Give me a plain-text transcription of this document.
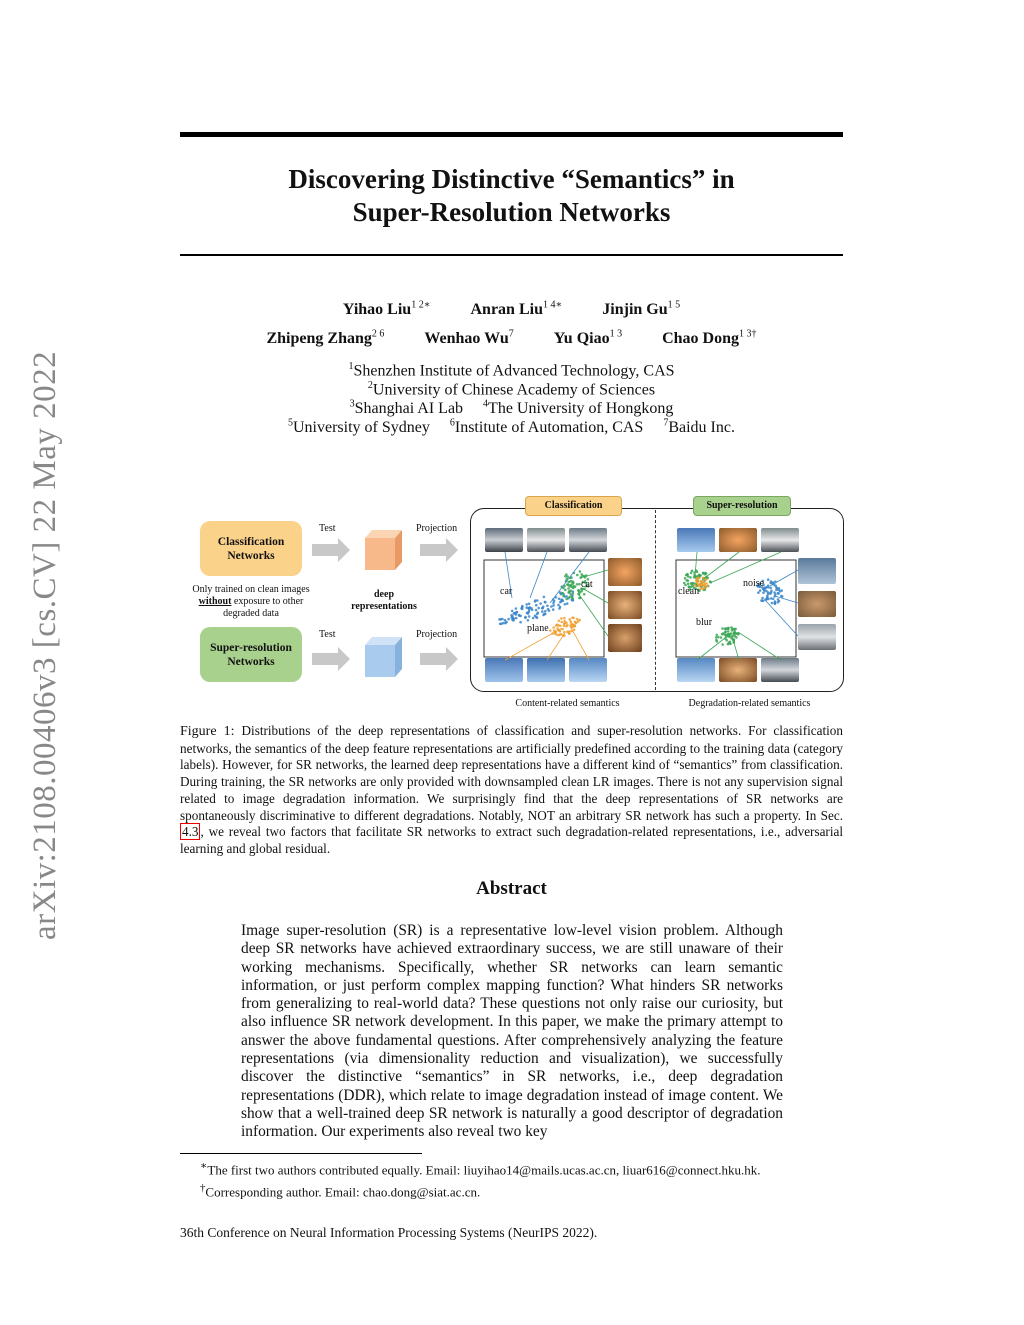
arXiv:2108.00406v3 [cs.CV] 22 May 2022
Discovering Distinctive “Semantics” in
Super-Resolution Networks
Yihao Liu$^{1 2∗}$	Anran Liu$^{1 4∗}$	Jinjin $Gu^{1 5}$
Zhipeng Zhang$^{2 6}$	Wenhao Wu$^7$	Yu Qiao$^{1 3}$	Chao Dong$^{1 3\dagger}$
$^1$Shenzhen Institute of Advanced Technology, CAS
$^2$University of Chinese Academy of Sciences
$^3$Shanghai AI Lab $^4$The University of Hongkong
$^5$University of Sydney $^6$Institute of Automation, CAS $^7$Baidu Inc.
Classification Networks
Only trained on clean images
without exposure to other
degraded data
Super-resolution Networks
Test	Projection
Test	Projection
deep representations
Classification	Super-resolution
car
cat
plane
clean
noise
blur
Content-related semantics	Degradation-related semantics
Figure 1: Distributions of the deep representations of classification and super-resolution networks. For classification networks, the semantics of the deep feature representations are artificially predefined according to the training data (category labels). However, for SR networks, the learned deep representations have a different kind of “semantics” from classification. During training, the SR networks are only provided with downsampled clean LR images. There is not any supervision signal related to image degradation information. We surprisingly find that the deep representations of SR networks are spontaneously discriminative to different degradations. Notably, NOT an arbitrary SR network has such a property. In Sec. 4.3 , we reveal two factors that facilitate SR networks to extract such degradation-related representations, i.e., adversarial learning and global residual.
Abstract
Image super-resolution (SR) is a representative low-level vision problem. Although deep SR networks have achieved extraordinary success, we are still unaware of their working mechanisms. Specifically, whether SR networks can learn semantic information, or just perform complex mapping function? What hinders SR networks from generalizing to real-world data? These questions not only raise our curiosity, but also influence SR network development. In this paper, we make the primary attempt to answer the above fundamental questions. After comprehensively analyzing the feature representations (via dimensionality reduction and visualization), we successfully discover the distinctive “semantics” in SR networks, i.e., deep degradation representations (DDR), which relate to image degradation instead of image content. We show that a well-trained deep SR network is naturally a good descriptor of degradation information. Our experiments also reveal two key
∗The first two authors contributed equally. Email: liuyihao14@mails.ucas.ac.cn, liuar616@connect.hku.hk.
†Corresponding author. Email: chao.dong@siat.ac.cn.
36th Conference on Neural Information Processing Systems (NeurIPS 2022).
